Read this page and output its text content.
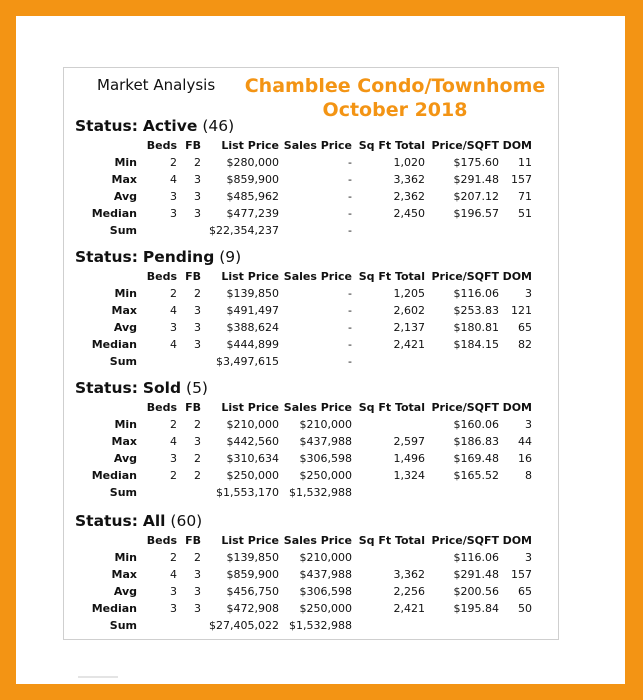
Market Analysis Chamblee Condo/Townhome
October 2018
Status: Active (46)
	Beds	FB	List Price	Sales Price	Sq Ft Total	Price/SQFT	DOM
Min	2	2	$280,000	-	1,020	$175.60	11
Max	4	3	$859,900	-	3,362	$291.48	157
Avg	3	3	$485,962	-	2,362	$207.12	71
Median	3	3	$477,239	-	2,450	$196.57	51
Sum			$22,354,237	-			
Status: Pending (9)
	Beds	FB	List Price	Sales Price	Sq Ft Total	Price/SQFT	DOM
Min	2	2	$139,850	-	1,205	$116.06	3
Max	4	3	$491,497	-	2,602	$253.83	121
Avg	3	3	$388,624	-	2,137	$180.81	65
Median	4	3	$444,899	-	2,421	$184.15	82
Sum			$3,497,615	-			
Status: Sold (5)
	Beds	FB	List Price	Sales Price	Sq Ft Total	Price/SQFT	DOM
Min	2	2	$210,000	$210,000		$160.06	3
Max	4	3	$442,560	$437,988	2,597	$186.83	44
Avg	3	2	$310,634	$306,598	1,496	$169.48	16
Median	2	2	$250,000	$250,000	1,324	$165.52	8
Sum			$1,553,170	$1,532,988			
Status: All (60)
	Beds	FB	List Price	Sales Price	Sq Ft Total	Price/SQFT	DOM
Min	2	2	$139,850	$210,000		$116.06	3
Max	4	3	$859,900	$437,988	3,362	$291.48	157
Avg	3	3	$456,750	$306,598	2,256	$200.56	65
Median	3	3	$472,908	$250,000	2,421	$195.84	50
Sum			$27,405,022	$1,532,988			
